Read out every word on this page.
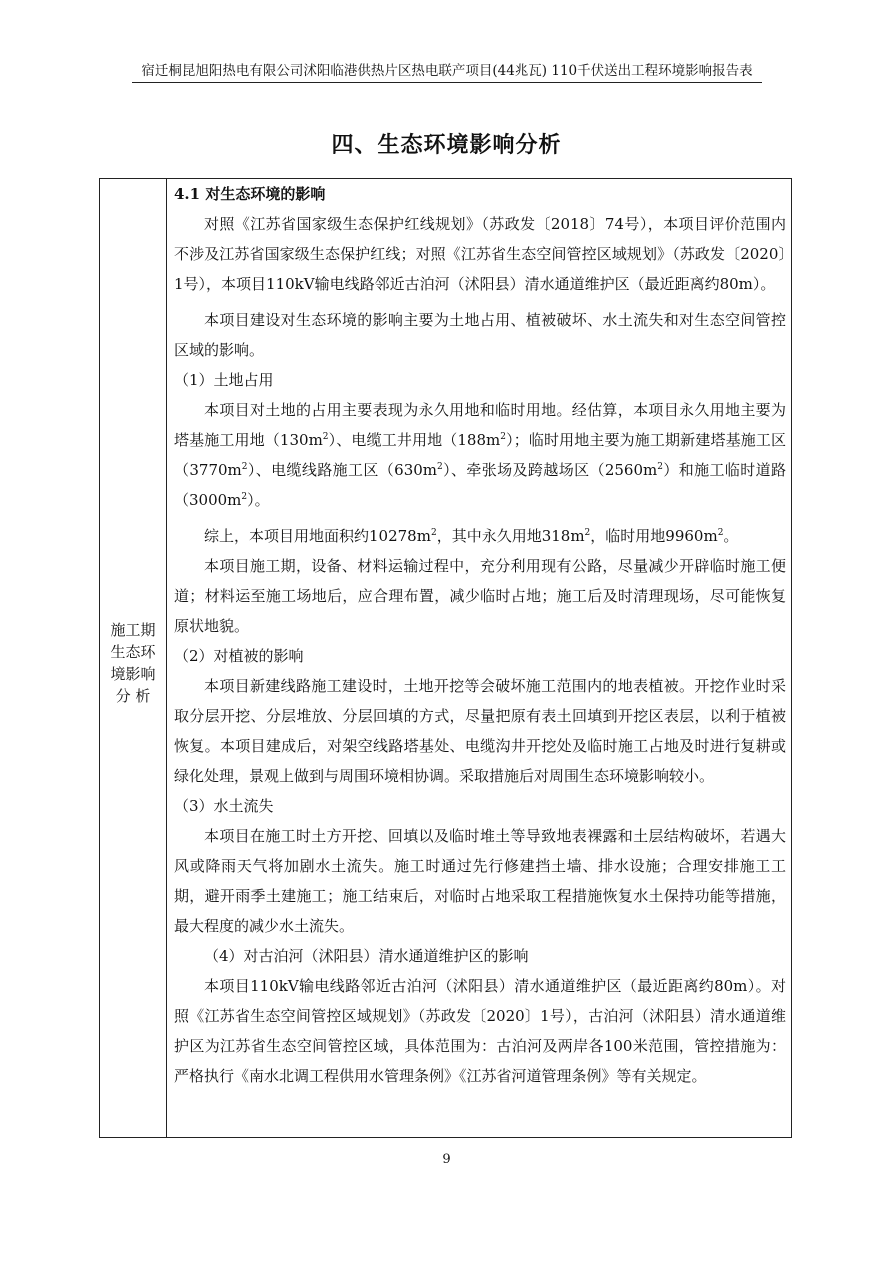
宿迁桐昆旭阳热电有限公司沭阳临港供热片区热电联产项目(44兆瓦) 110千伏送出工程环境影响报告表
四、生态环境影响分析
施工期
生态环
境影响
分 析

4.1 对生态环境的影响

对照《江苏省国家级生态保护红线规划》（苏政发〔2018〕74号），本项目评价范围内不涉及江苏省国家级生态保护红线；对照《江苏省生态空间管控区域规划》（苏政发〔2020〕1号），本项目110kV输电线路邻近古泊河（沭阳县）清水通道维护区（最近距离约80m）。

本项目建设对生态环境的影响主要为土地占用、植被破坏、水土流失和对生态空间管控区域的影响。

（1）土地占用

本项目对土地的占用主要表现为永久用地和临时用地。经估算，本项目永久用地主要为塔基施工用地$(130m^2)$、电缆工井用地$(188m^2)$；临时用地主要为施工期新建塔基施工区$(3770m^2)$、电缆线路施工区$(630m^2)$、牵张场及跨越场区$(2560m^2)$和施工临时道路$(3000m^2)$。

综上，本项目用地面积约$10278m^2$，其中永久用地$318m^2$，临时用地$9960m^2$。

本项目施工期，设备、材料运输过程中，充分利用现有公路，尽量减少开辟临时施工便道；材料运至施工场地后，应合理布置，减少临时占地；施工后及时清理现场，尽可能恢复原状地貌。

（2）对植被的影响

本项目新建线路施工建设时，土地开挖等会破坏施工范围内的地表植被。开挖作业时采取分层开挖、分层堆放、分层回填的方式，尽量把原有表土回填到开挖区表层，以利于植被恢复。本项目建成后，对架空线路塔基处、电缆沟井开挖处及临时施工占地及时进行复耕或绿化处理，景观上做到与周围环境相协调。采取措施后对周围生态环境影响较小。

（3）水土流失

本项目在施工时土方开挖、回填以及临时堆土等导致地表裸露和土层结构破坏，若遇大风或降雨天气将加剧水土流失。施工时通过先行修建挡土墙、排水设施；合理安排施工工期，避开雨季土建施工；施工结束后，对临时占地采取工程措施恢复水土保持功能等措施，最大程度的减少水土流失。

（4）对古泊河（沭阳县）清水通道维护区的影响

本项目110kV输电线路邻近古泊河（沭阳县）清水通道维护区（最近距离约80m）。对照《江苏省生态空间管控区域规划》（苏政发〔2020〕1号），古泊河（沭阳县）清水通道维护区为江苏省生态空间管控区域，具体范围为：古泊河及两岸各100米范围，管控措施为：严格执行《南水北调工程供用水管理条例》《江苏省河道管理条例》等有关规定。

9
